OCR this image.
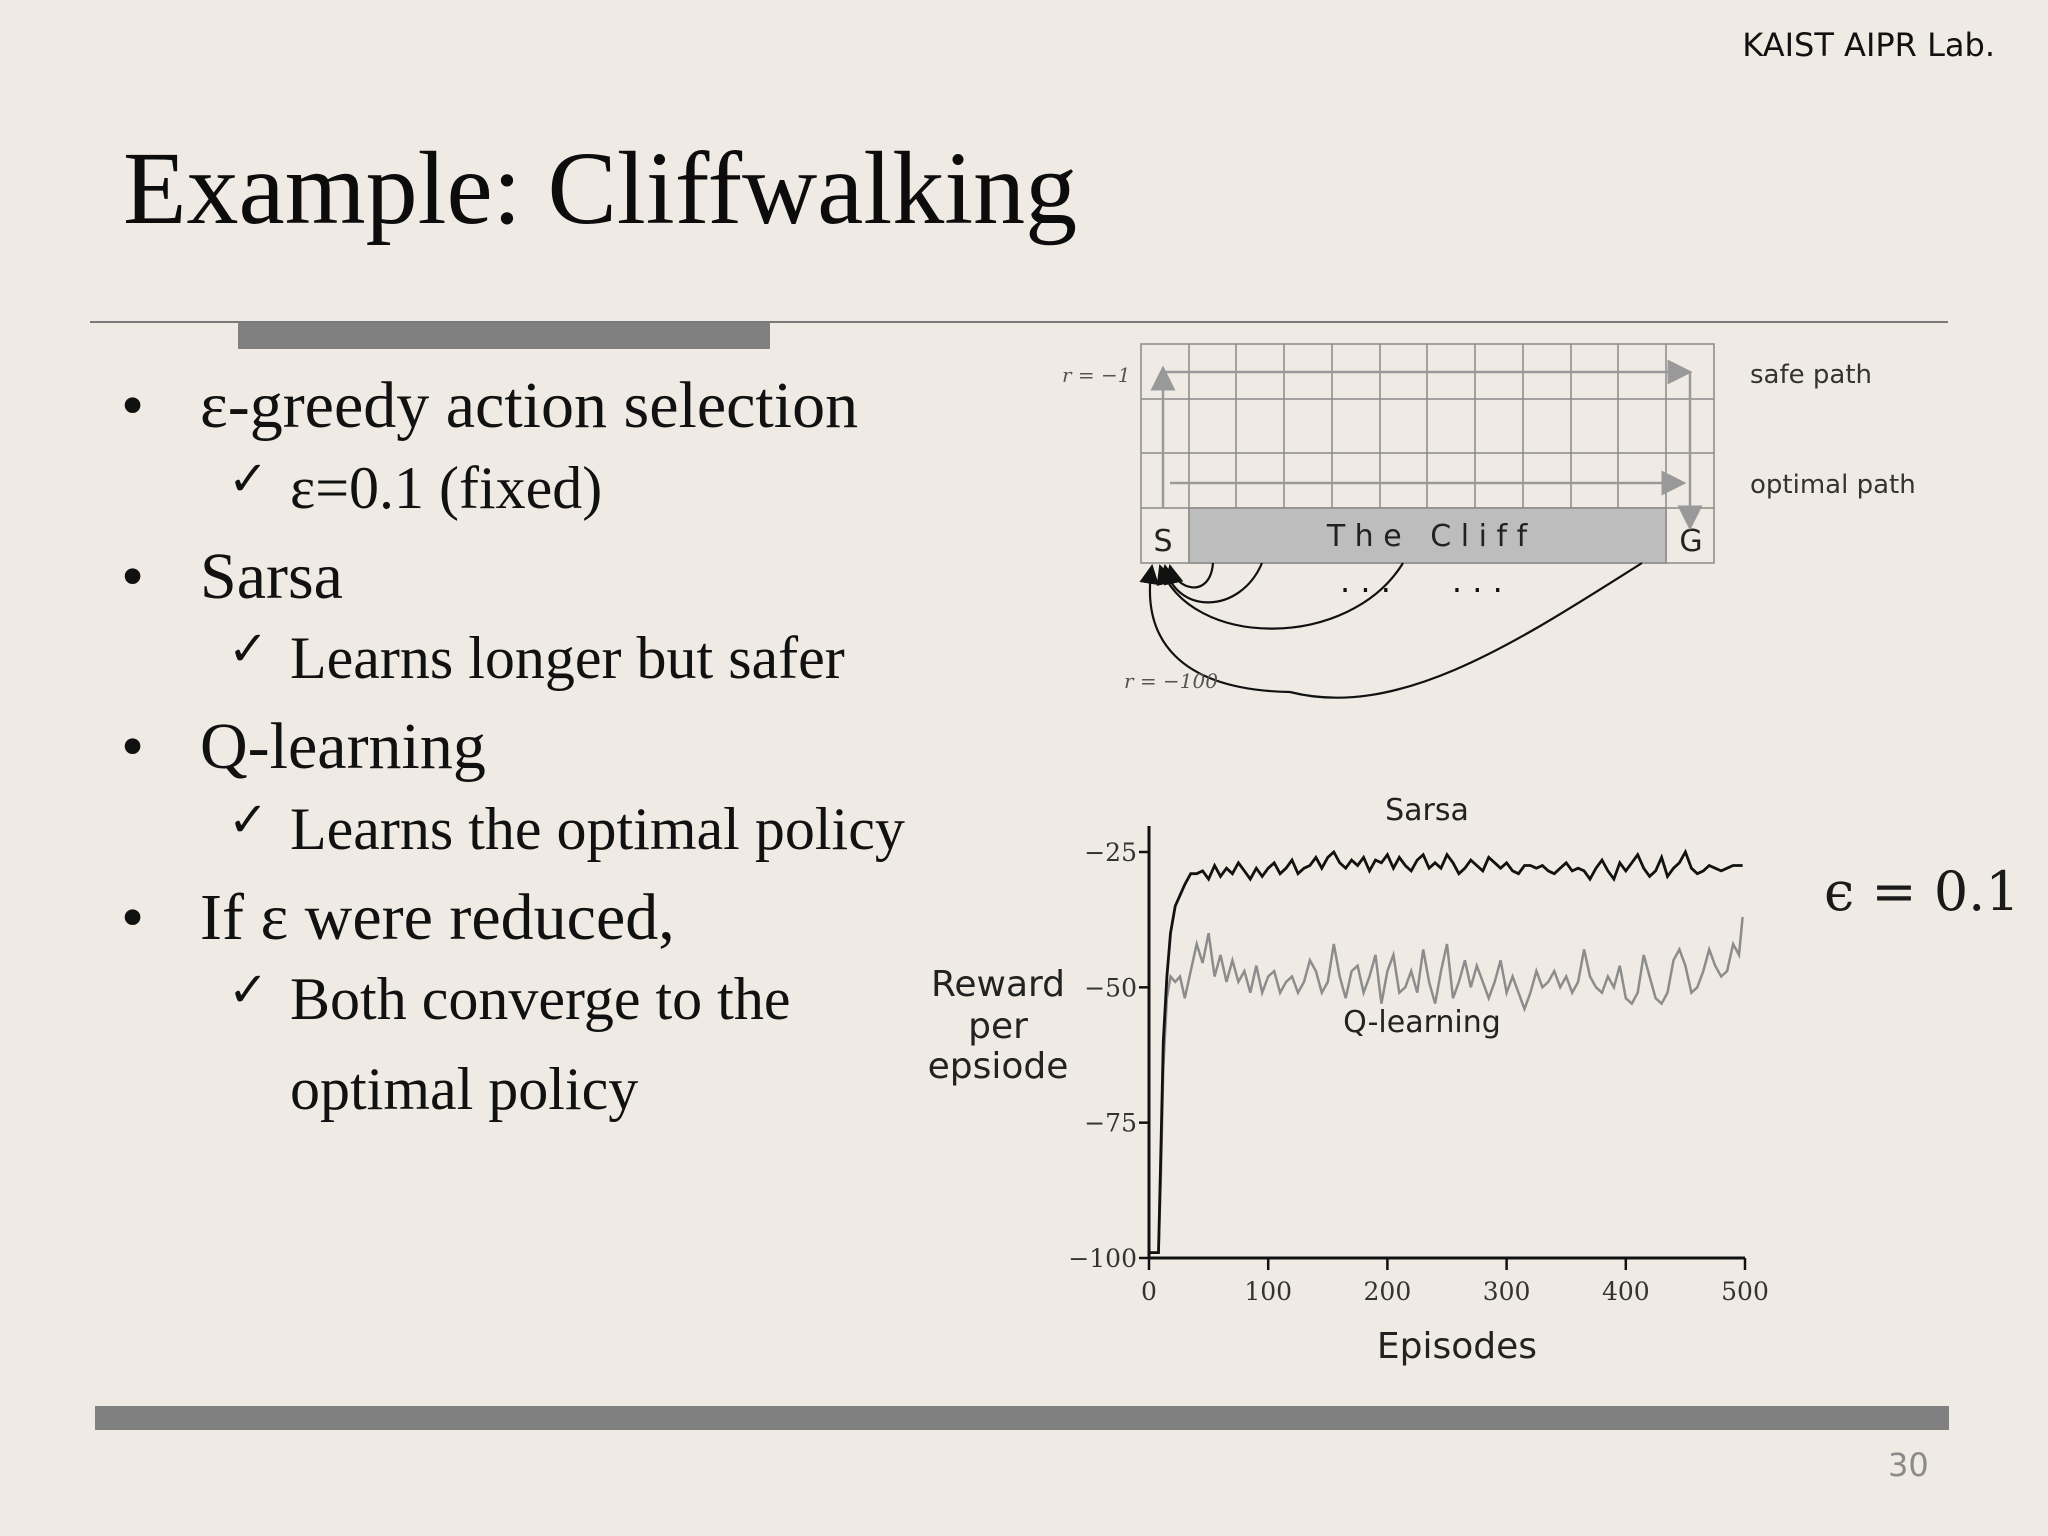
KAIST AIPR Lab.
Example: Cliffwalking
• ε-greedy action selection
✓ ε=0.1 (fixed)
• Sarsa
✓ Learns longer but safer
• Q-learning
✓ Learns the optimal policy
• If ε were reduced,
✓ Both converge to the
optimal policy
T h e   C l i f f
S	G
. . .      . . .
r = −1
r = −100
safe path
optimal path
−25
−50
−75
−100
0	100	200	300	400	500
Sarsa
Q-learning
Reward
per
epsiode
Episodes
ϵ = 0.1
30
